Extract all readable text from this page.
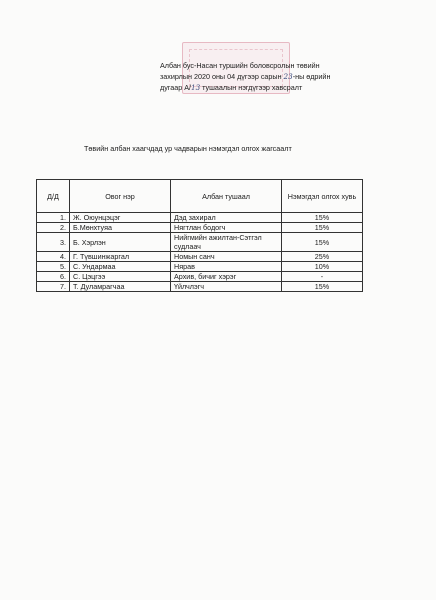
Албан бус-Насан туршийн боловсролын төвийн
захирлын 2020 оны 04 дүгээр сарын 23-ны өдрийн
дугаар А/13 тушаалын нэгдүгээр хавсралт
Төвийн албан хаагчдад ур чадварын нэмэгдэл олгох жагсаалт
Д/Д	Овог нэр	Албан тушаал	Нэмэгдэл олгох хувь
1.	Ж. Оюунцэцэг	Дэд захирал	15%
2.	Б.Мөнхтуяа	Нягтлан бодогч	15%
3.	Б. Хэрлэн	Нийгмийн ажилтан-Сэтгэл судлаач	15%
4.	Г. Түвшинжаргал	Номын санч	25%
5.	С. Ундармаа	Нярав	10%
6.	С. Цэцгээ	Архив, бичиг хэрэг	-
7.	Т. Дуламрагчаа	Үйлчлэгч	15%
